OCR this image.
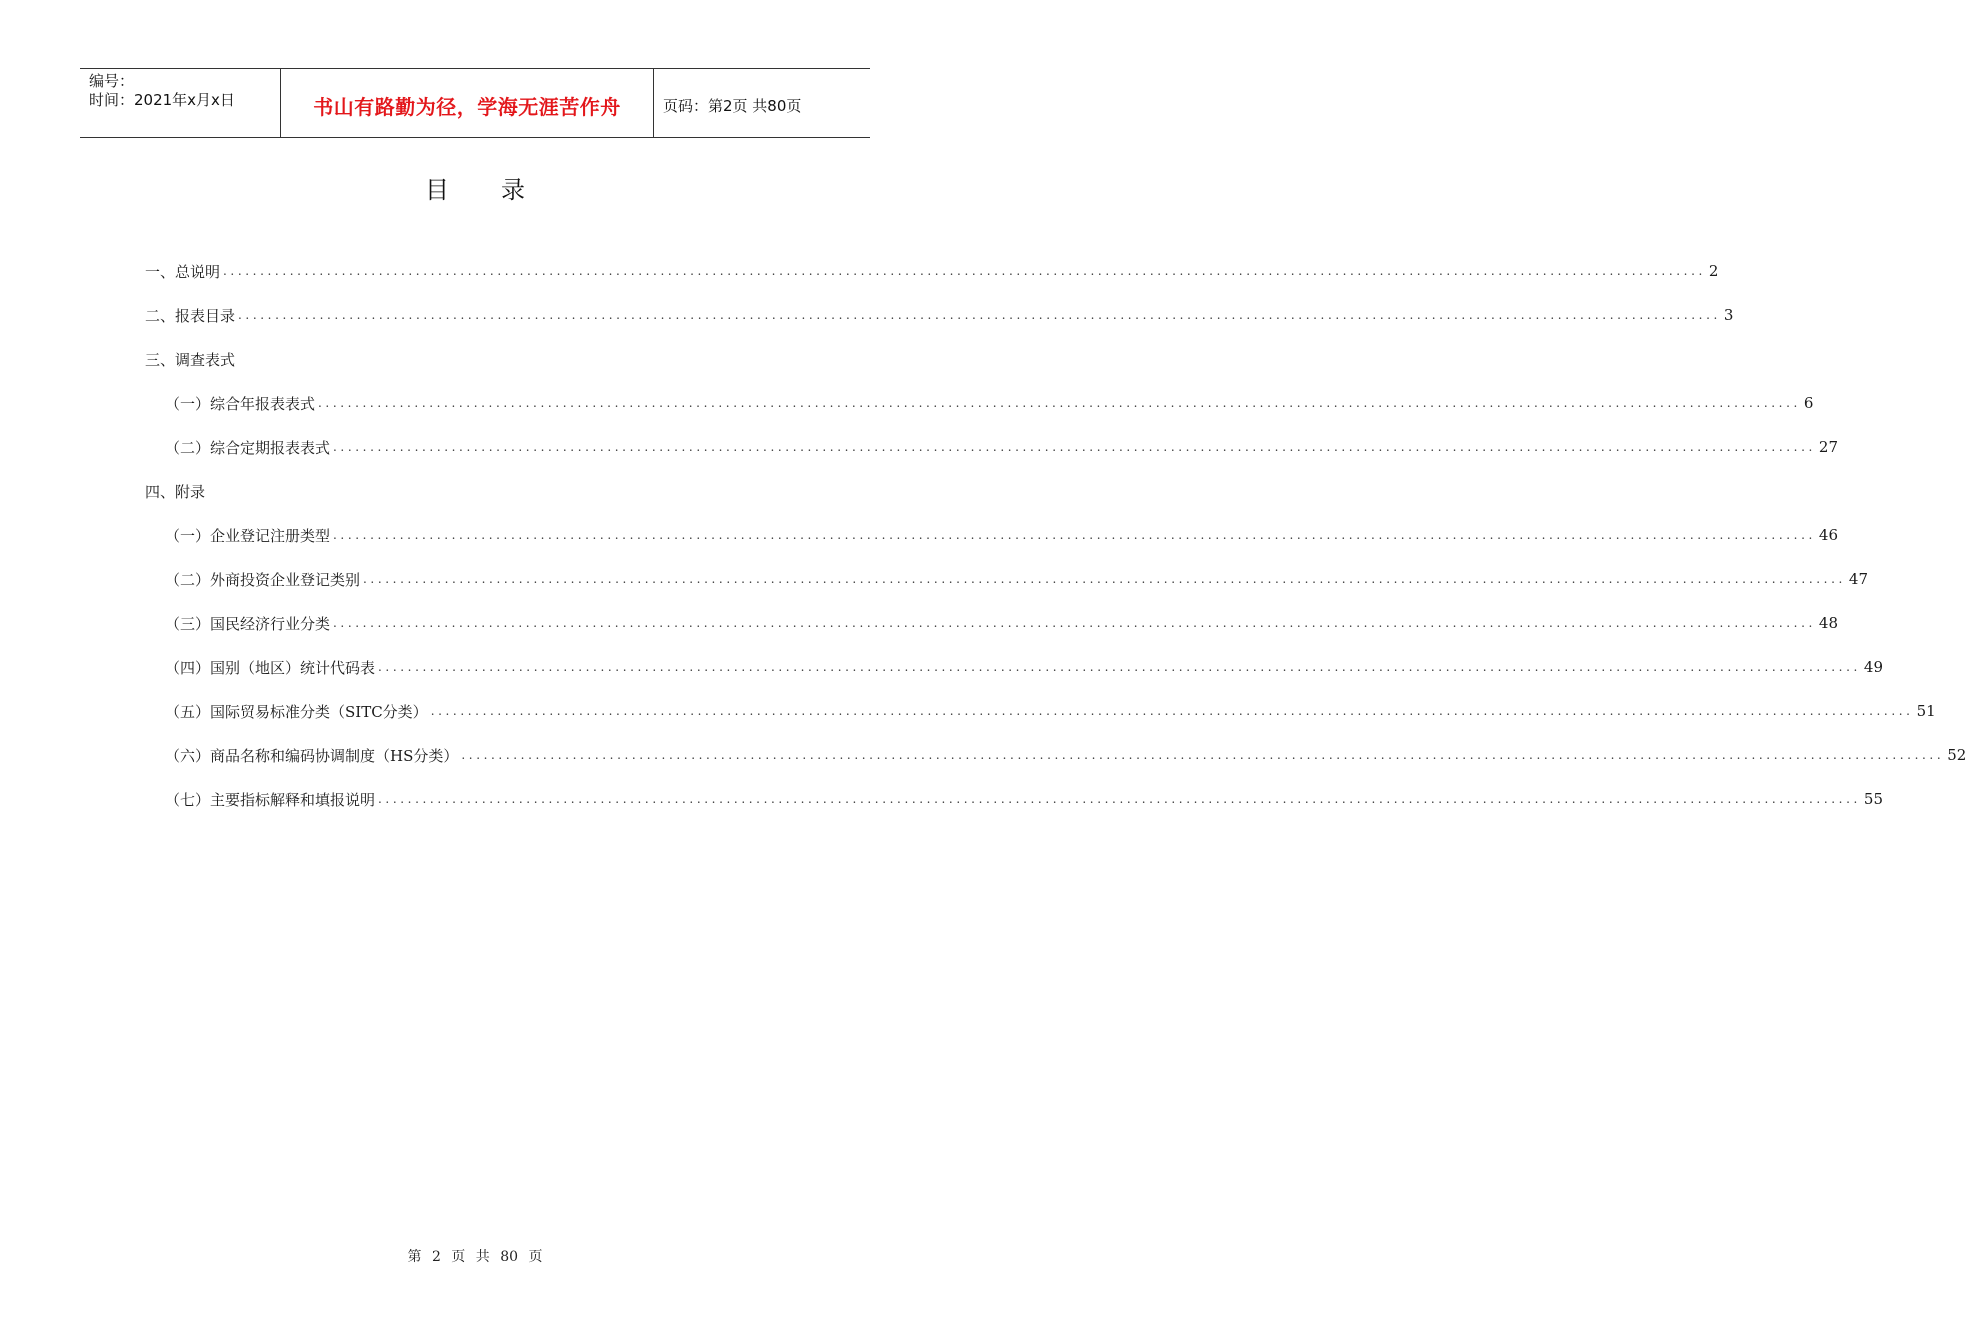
编号：
时间：2021年x月x日	书山有路勤为径，学海无涯苦作舟	页码：第2页 共80页
目录
一、总说明 ........................................................................................................................................................................................................ 2
二、报表目录 ........................................................................................................................................................................................................ 3
三、调查表式
（一）综合年报表表式 ........................................................................................................................................................................................................ 6
（二）综合定期报表表式 ........................................................................................................................................................................................................ 27
四、附录
（一）企业登记注册类型 ........................................................................................................................................................................................................ 46
（二）外商投资企业登记类别 ........................................................................................................................................................................................................ 47
（三）国民经济行业分类 ........................................................................................................................................................................................................ 48
（四）国别（地区）统计代码表 ........................................................................................................................................................................................................ 49
（五）国际贸易标准分类（SITC分类） ........................................................................................................................................................................................................ 51
（六）商品名称和编码协调制度（HS分类） ........................................................................................................................................................................................................ 52
（七）主要指标解释和填报说明 ........................................................................................................................................................................................................ 55
第 2 页 共 80 页
